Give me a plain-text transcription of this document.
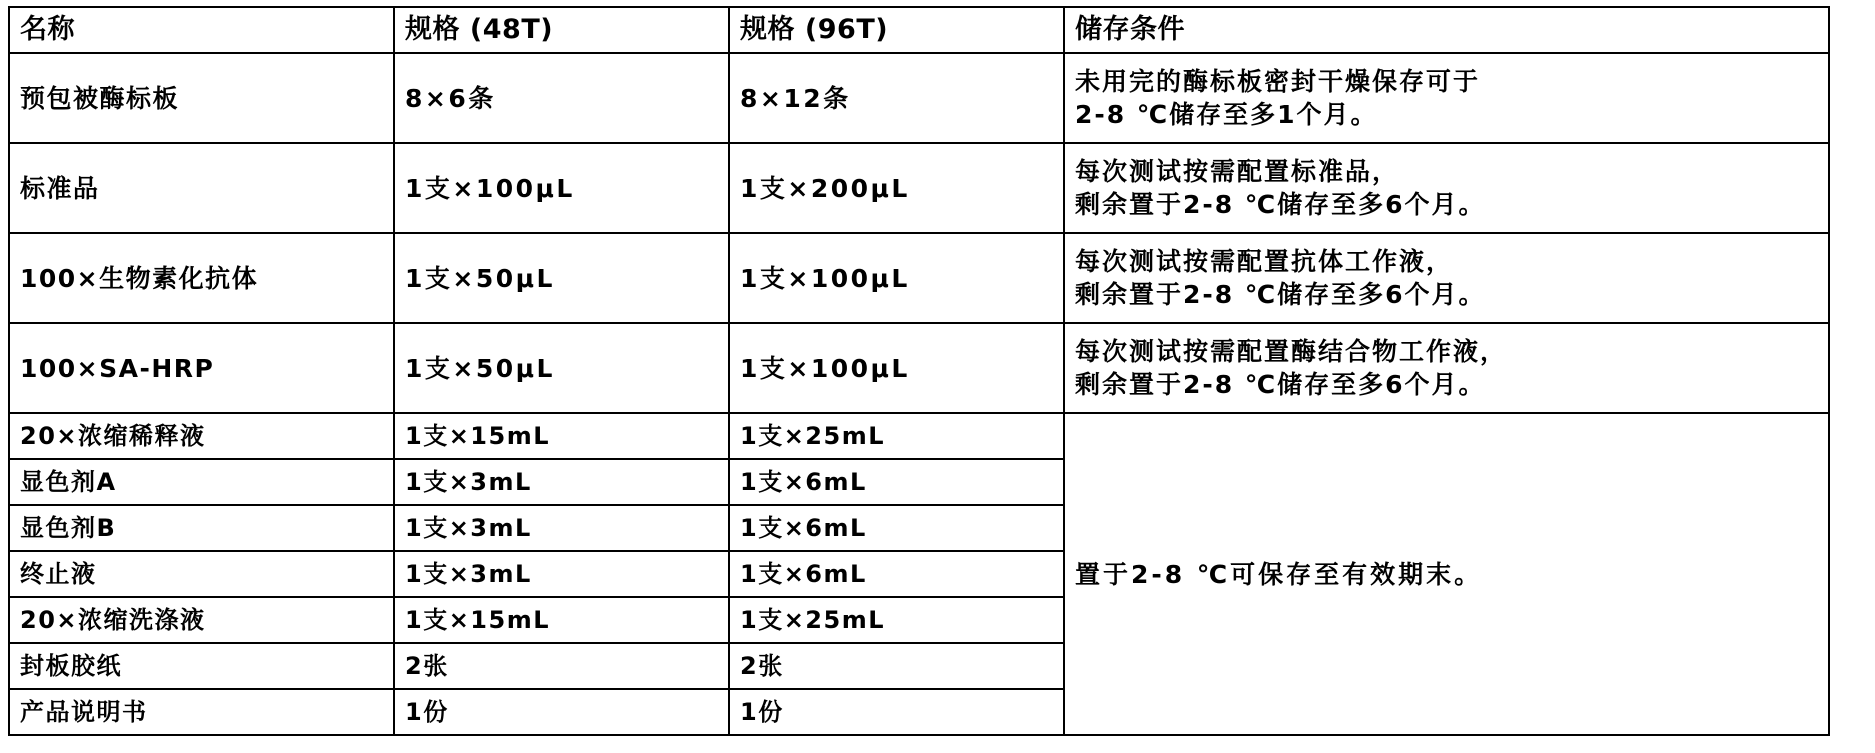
名称	规格 (48T)	规格 (96T)	储存条件
预包被酶标板	8×6条	8×12条	未用完的酶标板密封干燥保存可于
2-8 ℃储存至多1个月。

标准品	1支×100μL	1支×200μL	每次测试按需配置标准品，
剩余置于2-8 ℃储存至多6个月。

100×生物素化抗体	1支×50μL	1支×100μL	每次测试按需配置抗体工作液，
剩余置于2-8 ℃储存至多6个月。

100×SA-HRP	1支×50μL	1支×100μL	每次测试按需配置酶结合物工作液，
剩余置于2-8 ℃储存至多6个月。

20×浓缩稀释液	1支×15mL	1支×25mL	置于2-8 ℃可保存至有效期末。
显色剂A	1支×3mL	1支×6mL	
显色剂B	1支×3mL	1支×6mL	
终止液	1支×3mL	1支×6mL	
20×浓缩洗涤液	1支×15mL	1支×25mL	
封板胶纸	2张	2张	
产品说明书	1份	1份	
